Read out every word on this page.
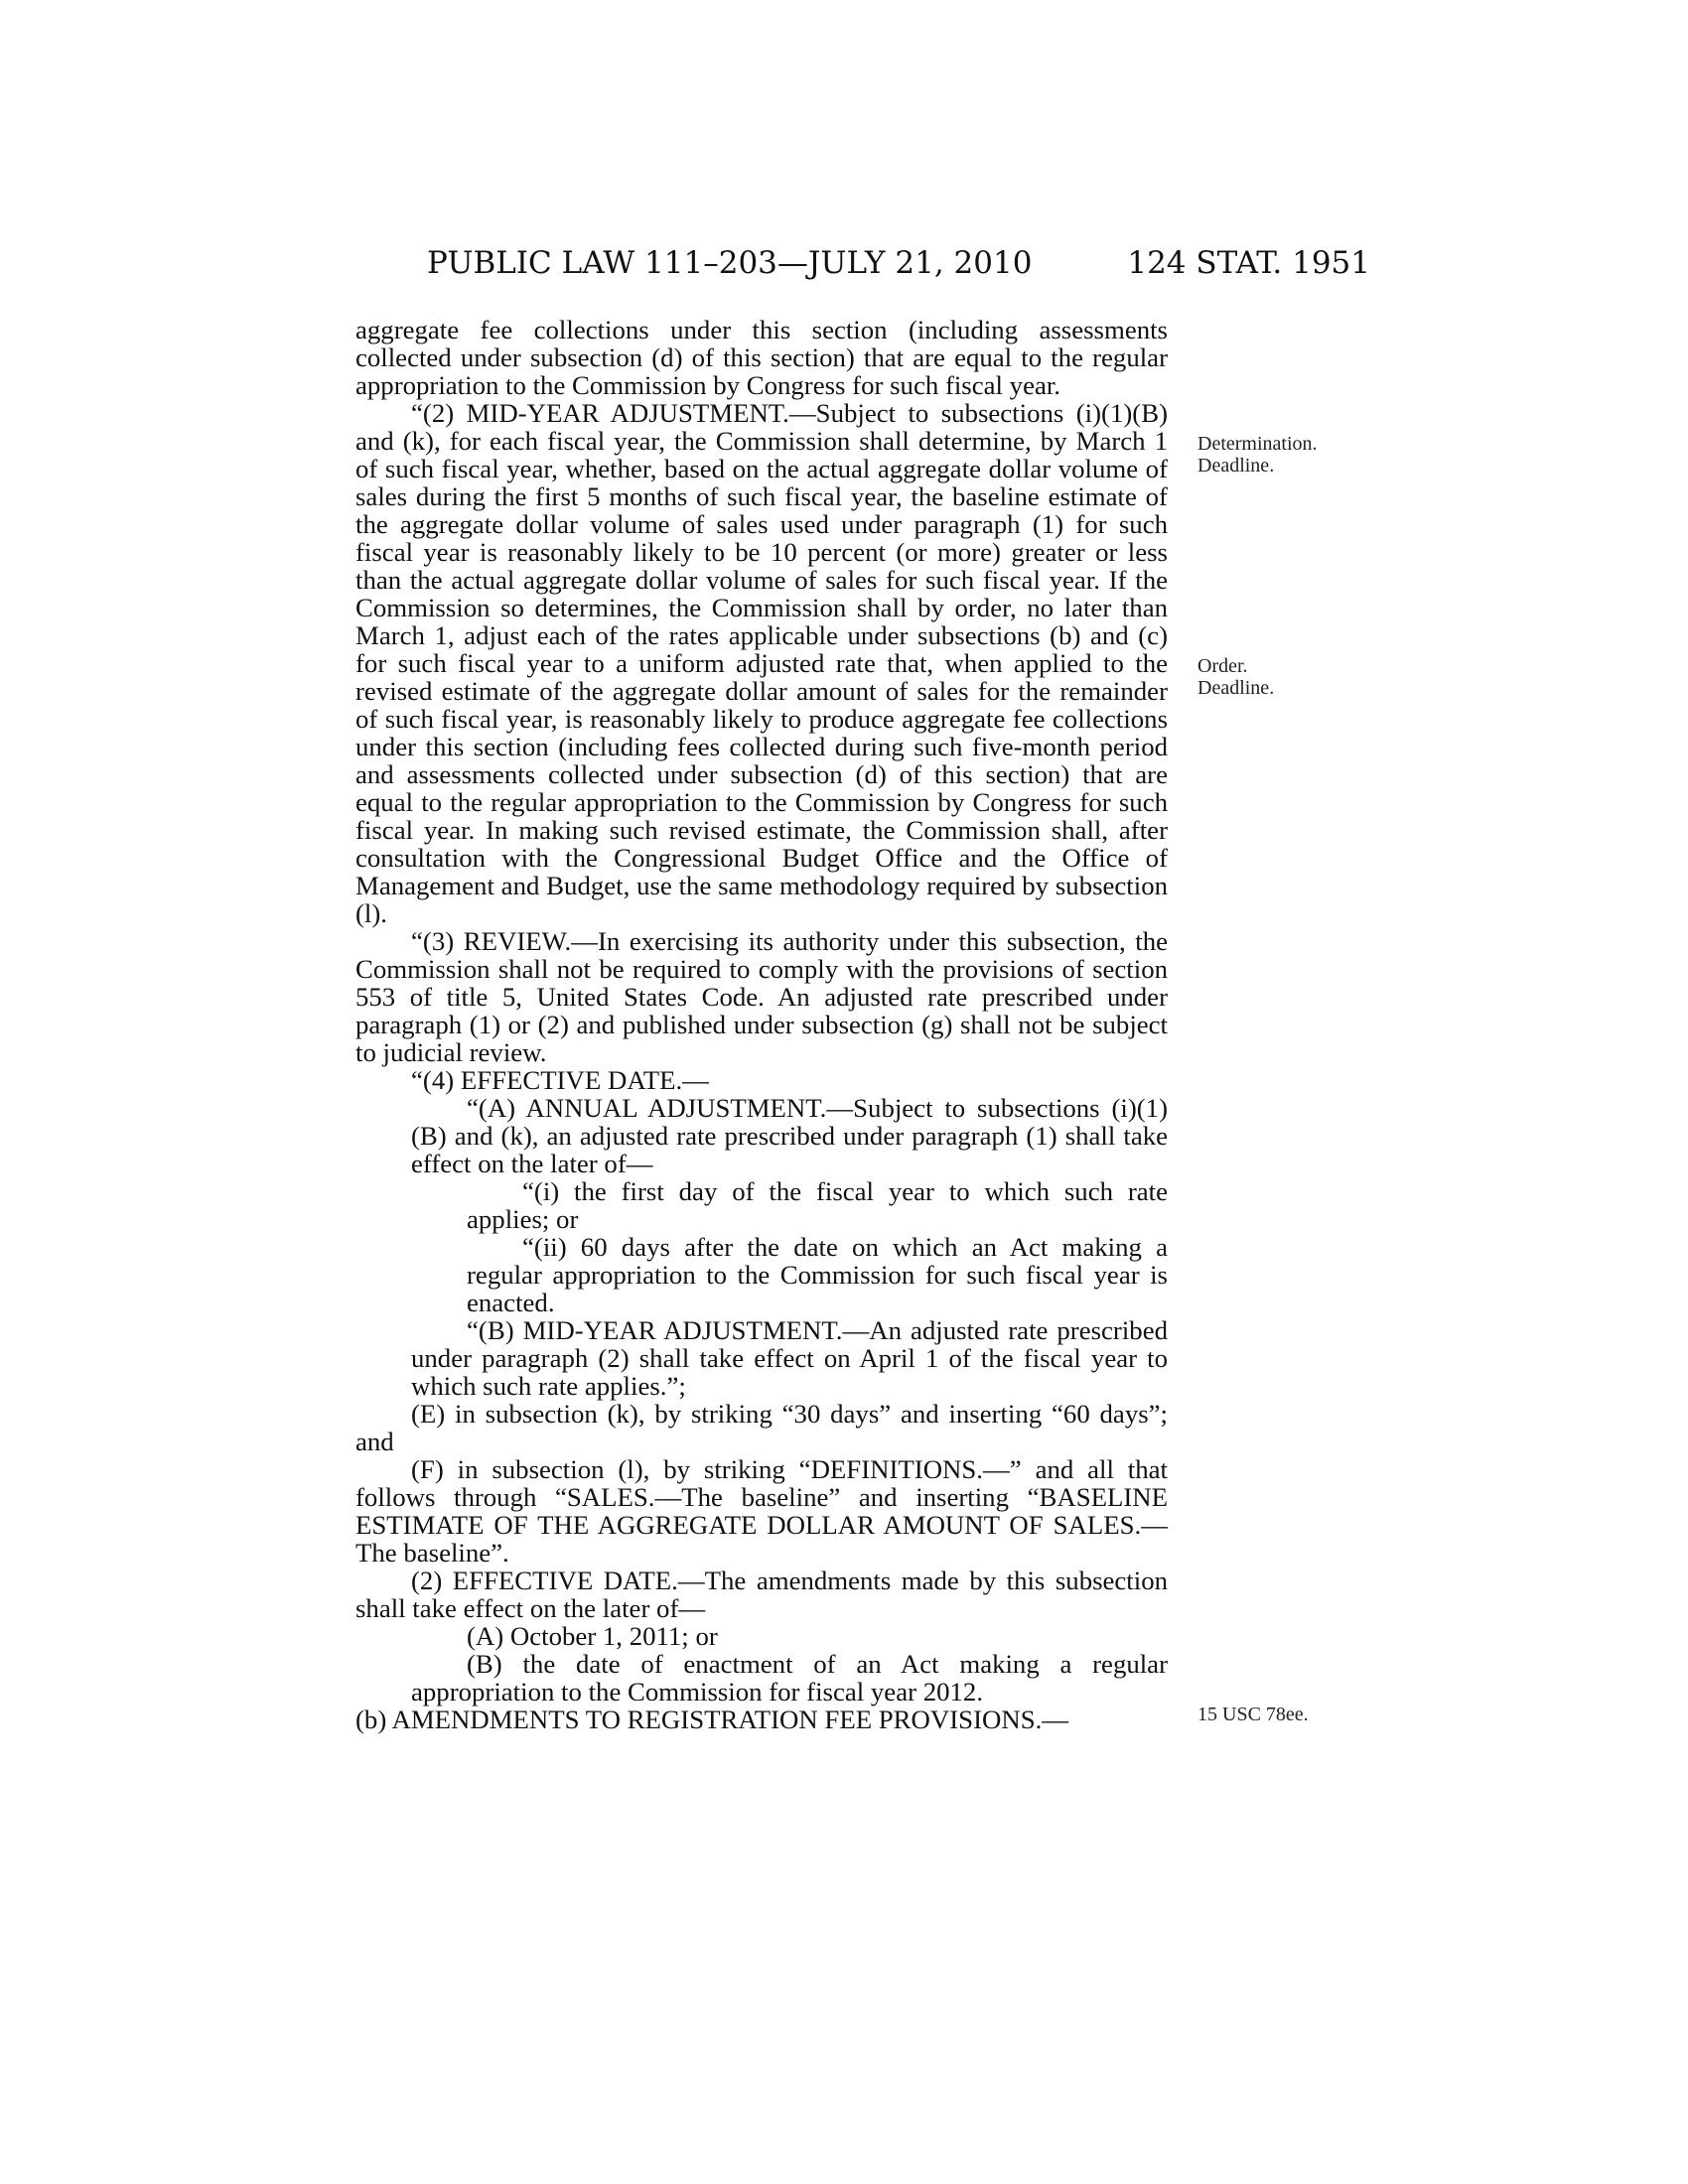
PUBLIC LAW 111–203—JULY 21, 2010	124 STAT. 1951

aggregate fee collections under this section (including assessments collected under subsection (d) of this section) that are equal to the regular appropriation to the Commission by Congress for such fiscal year.

“(2) MID-YEAR ADJUSTMENT.—Subject to subsections (i)(1)(B) and (k), for each fiscal year, the Commission shall determine, by March 1 of such fiscal year, whether, based on the actual aggregate dollar volume of sales during the first 5 months of such fiscal year, the baseline estimate of the aggregate dollar volume of sales used under paragraph (1) for such fiscal year is reasonably likely to be 10 percent (or more) greater or less than the actual aggregate dollar volume of sales for such fiscal year. If the Commission so determines, the Commission shall by order, no later than March 1, adjust each of the rates applicable under subsections (b) and (c) for such fiscal year to a uniform adjusted rate that, when applied to the revised estimate of the aggregate dollar amount of sales for the remainder of such fiscal year, is reasonably likely to produce aggregate fee collections under this section (including fees collected during such five-month period and assessments collected under subsection (d) of this section) that are equal to the regular appropriation to the Commission by Congress for such fiscal year. In making such revised estimate, the Commission shall, after consultation with the Congressional Budget Office and the Office of Management and Budget, use the same methodology required by subsection (l).

“(3) REVIEW.—In exercising its authority under this subsection, the Commission shall not be required to comply with the provisions of section 553 of title 5, United States Code. An adjusted rate prescribed under paragraph (1) or (2) and published under subsection (g) shall not be subject to judicial review.

“(4) EFFECTIVE DATE.—

“(A) ANNUAL ADJUSTMENT.—Subject to subsections (i)(1)(B) and (k), an adjusted rate prescribed under paragraph (1) shall take effect on the later of—

“(i) the first day of the fiscal year to which such rate applies; or

“(ii) 60 days after the date on which an Act making a regular appropriation to the Commission for such fiscal year is enacted.

“(B) MID-YEAR ADJUSTMENT.—An adjusted rate prescribed under paragraph (2) shall take effect on April 1 of the fiscal year to which such rate applies.”;

(E) in subsection (k), by striking “30 days” and inserting “60 days”; and

(F) in subsection (l), by striking “DEFINITIONS.—” and all that follows through “SALES.—The baseline” and inserting “BASELINE ESTIMATE OF THE AGGREGATE DOLLAR AMOUNT OF SALES.—The baseline”.

(2) EFFECTIVE DATE.—The amendments made by this subsection shall take effect on the later of—

(A) October 1, 2011; or

(B) the date of enactment of an Act making a regular appropriation to the Commission for fiscal year 2012.

(b) AMENDMENTS TO REGISTRATION FEE PROVISIONS.—

Determination.
Deadline.
Order.
Deadline.
15 USC 78ee.
